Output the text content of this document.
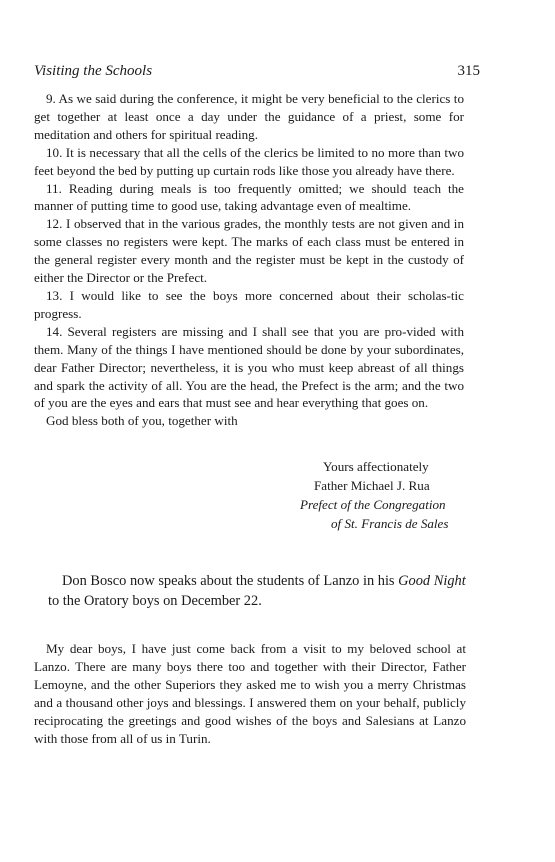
Visiting the Schools	315

9. As we said during the conference, it might be very beneficial to the clerics to get together at least once a day under the guidance of a priest, some for meditation and others for spiritual reading.

10. It is necessary that all the cells of the clerics be limited to no more than two feet beyond the bed by putting up curtain rods like those you already have there.

11. Reading during meals is too frequently omitted; we should teach the manner of putting time to good use, taking advantage even of mealtime.

12. I observed that in the various grades, the monthly tests are not given and in some classes no registers were kept. The marks of each class must be entered in the general register every month and the register must be kept in the custody of either the Director or the Prefect.

13. I would like to see the boys more concerned about their scholas-tic progress.

14. Several registers are missing and I shall see that you are pro-vided with them. Many of the things I have mentioned should be done by your subordinates, dear Father Director; nevertheless, it is you who must keep abreast of all things and spark the activity of all. You are the head, the Prefect is the arm; and the two of you are the eyes and ears that must see and hear everything that goes on.

God bless both of you, together with

Yours affectionately
Father Michael J. Rua
Prefect of the Congregation
of St. Francis de Sales

Don Bosco now speaks about the students of Lanzo in his Good Night to the Oratory boys on December 22.

My dear boys, I have just come back from a visit to my beloved school at Lanzo. There are many boys there too and together with their Director, Father Lemoyne, and the other Superiors they asked me to wish you a merry Christmas and a thousand other joys and blessings. I answered them on your behalf, publicly reciprocating the greetings and good wishes of the boys and Salesians at Lanzo with those from all of us in Turin.
